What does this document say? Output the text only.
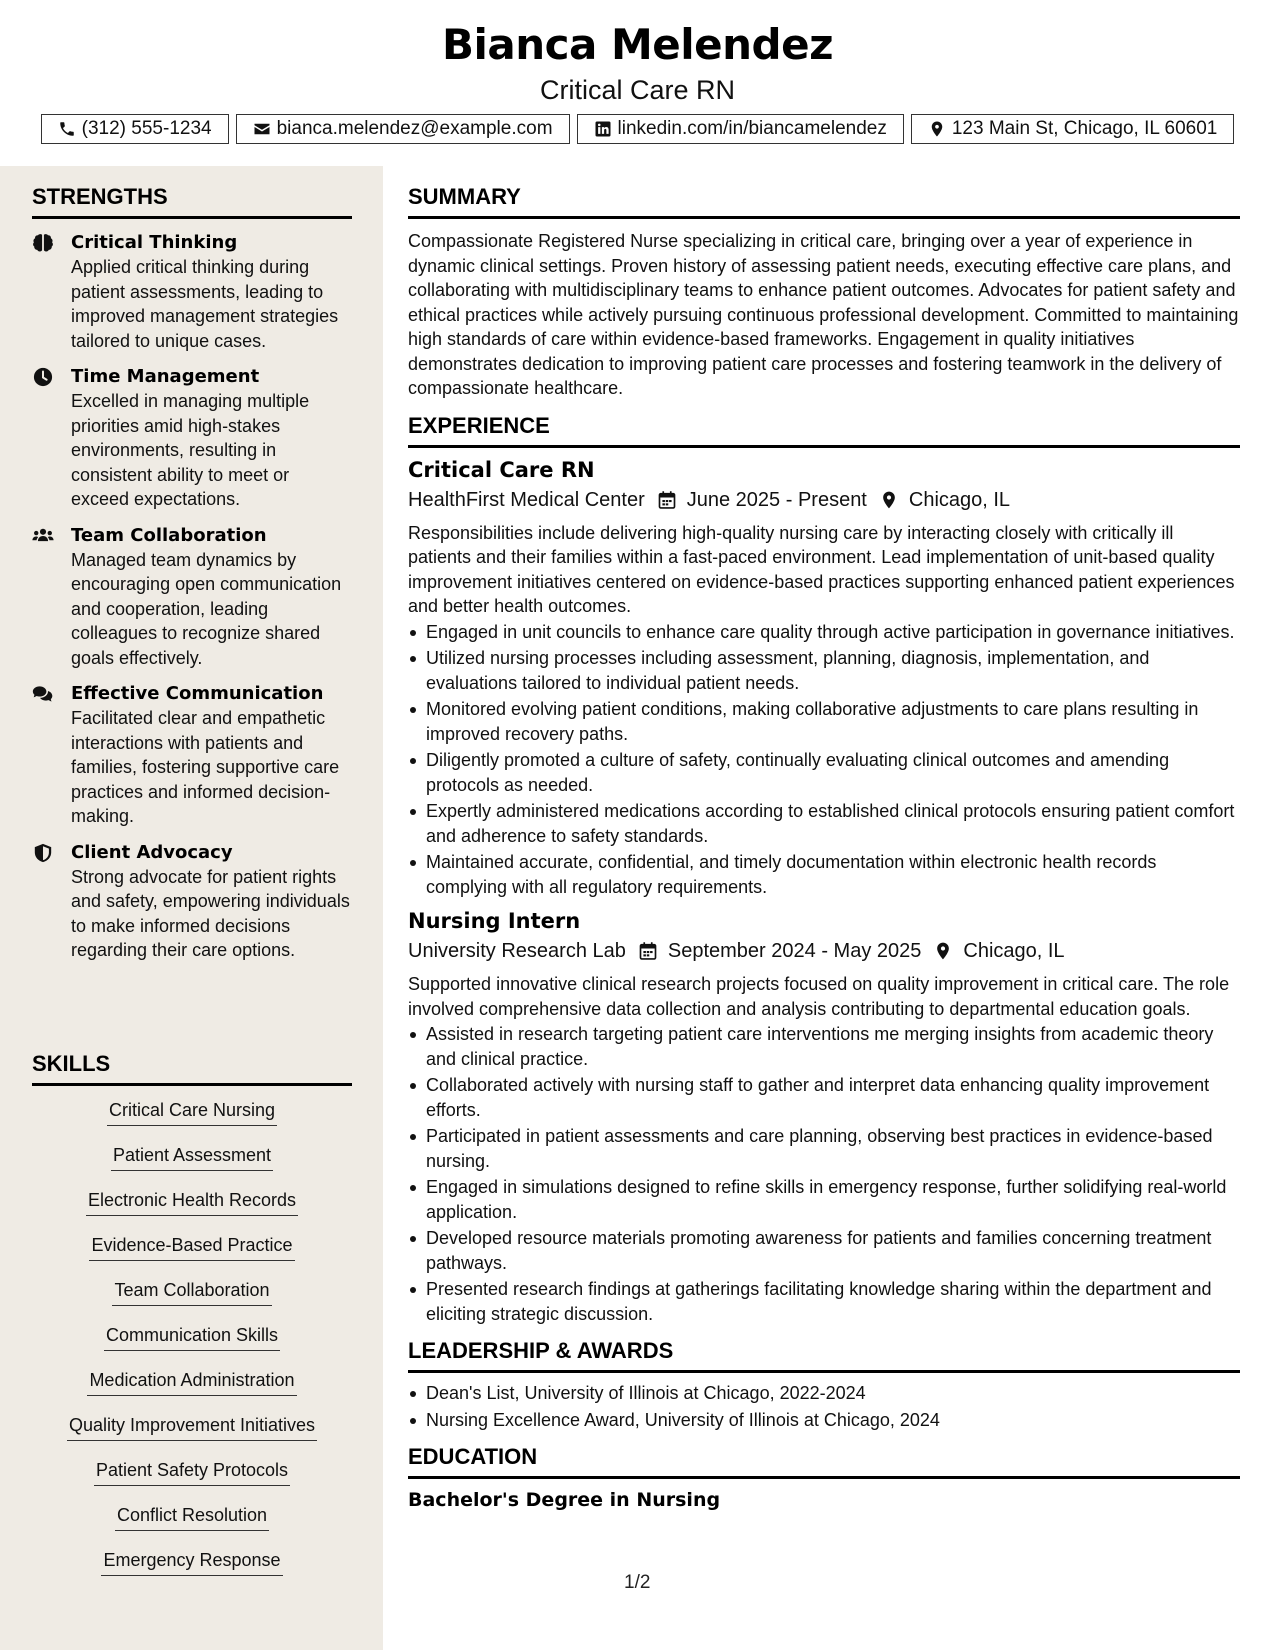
Bianca Melendez
Critical Care RN
(312) 555-1234	bianca.melendez@example.com	linkedin.com/in/biancamelendez	123 Main St, Chicago, IL 60601
STRENGTHS
Critical Thinking
Applied critical thinking during patient assessments, leading to improved management strategies tailored to unique cases.
Time Management
Excelled in managing multiple priorities amid high-stakes environments, resulting in consistent ability to meet or exceed expectations.
Team Collaboration
Managed team dynamics by encouraging open communication and cooperation, leading colleagues to recognize shared goals effectively.
Effective Communication
Facilitated clear and empathetic interactions with patients and families, fostering supportive care practices and informed decision-making.
Client Advocacy
Strong advocate for patient rights and safety, empowering individuals to make informed decisions regarding their care options.
SKILLS
Critical Care Nursing
Patient Assessment
Electronic Health Records
Evidence-Based Practice
Team Collaboration
Communication Skills
Medication Administration
Quality Improvement Initiatives
Patient Safety Protocols
Conflict Resolution
Emergency Response
SUMMARY
Compassionate Registered Nurse specializing in critical care, bringing over a year of experience in dynamic clinical settings. Proven history of assessing patient needs, executing effective care plans, and collaborating with multidisciplinary teams to enhance patient outcomes. Advocates for patient safety and ethical practices while actively pursuing continuous professional development. Committed to maintaining high standards of care within evidence-based frameworks. Engagement in quality initiatives demonstrates dedication to improving patient care processes and fostering teamwork in the delivery of compassionate healthcare.
EXPERIENCE
Critical Care RN
HealthFirst Medical Center June 2025 - Present Chicago, IL
Responsibilities include delivering high-quality nursing care by interacting closely with critically ill patients and their families within a fast-paced environment. Lead implementation of unit-based quality improvement initiatives centered on evidence-based practices supporting enhanced patient experiences and better health outcomes.
Engaged in unit councils to enhance care quality through active participation in governance initiatives.
Utilized nursing processes including assessment, planning, diagnosis, implementation, and evaluations tailored to individual patient needs.
Monitored evolving patient conditions, making collaborative adjustments to care plans resulting in improved recovery paths.
Diligently promoted a culture of safety, continually evaluating clinical outcomes and amending protocols as needed.
Expertly administered medications according to established clinical protocols ensuring patient comfort and adherence to safety standards.
Maintained accurate, confidential, and timely documentation within electronic health records complying with all regulatory requirements.
Nursing Intern
University Research Lab September 2024 - May 2025 Chicago, IL
Supported innovative clinical research projects focused on quality improvement in critical care. The role involved comprehensive data collection and analysis contributing to departmental education goals.
Assisted in research targeting patient care interventions me merging insights from academic theory and clinical practice.
Collaborated actively with nursing staff to gather and interpret data enhancing quality improvement efforts.
Participated in patient assessments and care planning, observing best practices in evidence-based nursing.
Engaged in simulations designed to refine skills in emergency response, further solidifying real-world application.
Developed resource materials promoting awareness for patients and families concerning treatment pathways.
Presented research findings at gatherings facilitating knowledge sharing within the department and eliciting strategic discussion.
LEADERSHIP & AWARDS
Dean's List, University of Illinois at Chicago, 2022-2024
Nursing Excellence Award, University of Illinois at Chicago, 2024
EDUCATION
Bachelor's Degree in Nursing
1/2
